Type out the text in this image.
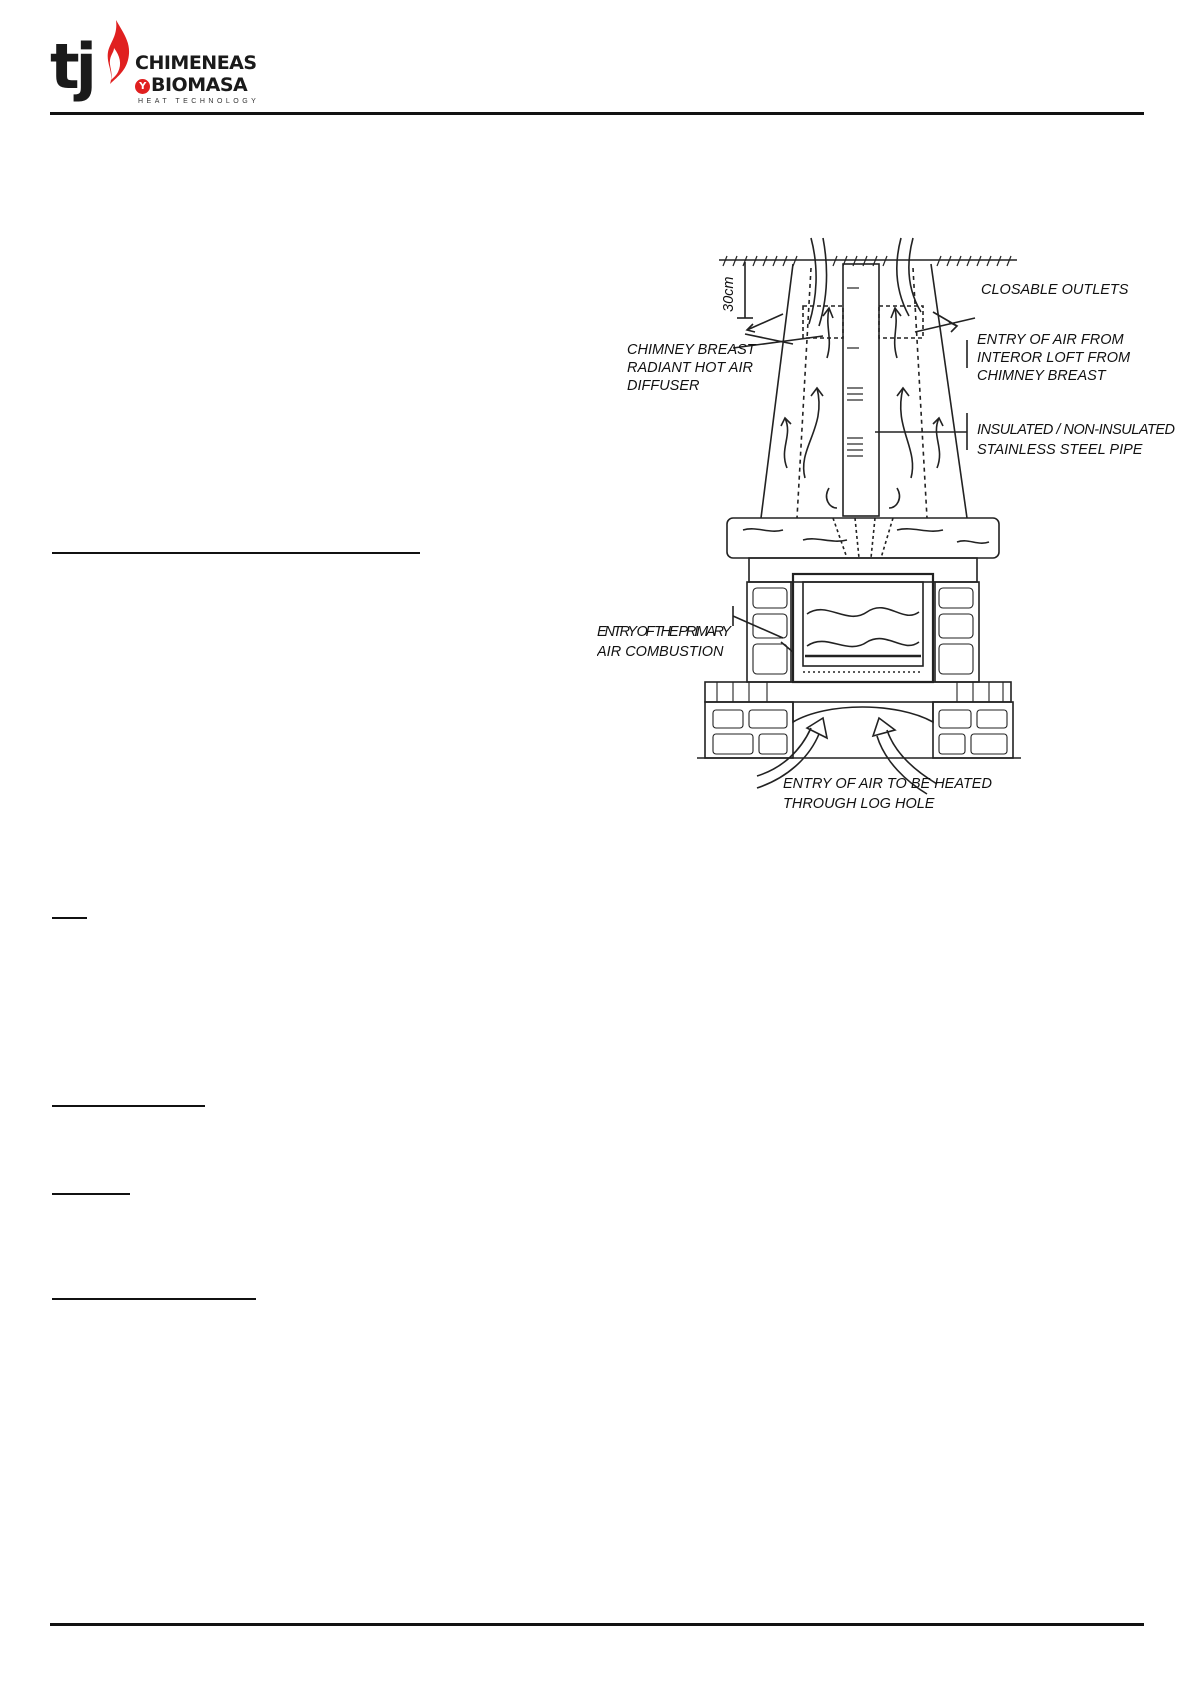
tj CHIMENEAS
Y BIOMASA
HEAT TECHNOLOGY
30cm	CLOSABLE OUTLETS
CHIMNEY BREAST
RADIANT HOT AIR
DIFFUSER
ENTRY OF AIR FROM
INTEROR LOFT FROM
CHIMNEY BREAST
INSULATED / NON-INSULATED
STAINLESS STEEL PIPE
ENTRY OF THE PRIMARY
AIR COMBUSTION
ENTRY OF AIR TO BE HEATED
THROUGH LOG HOLE
